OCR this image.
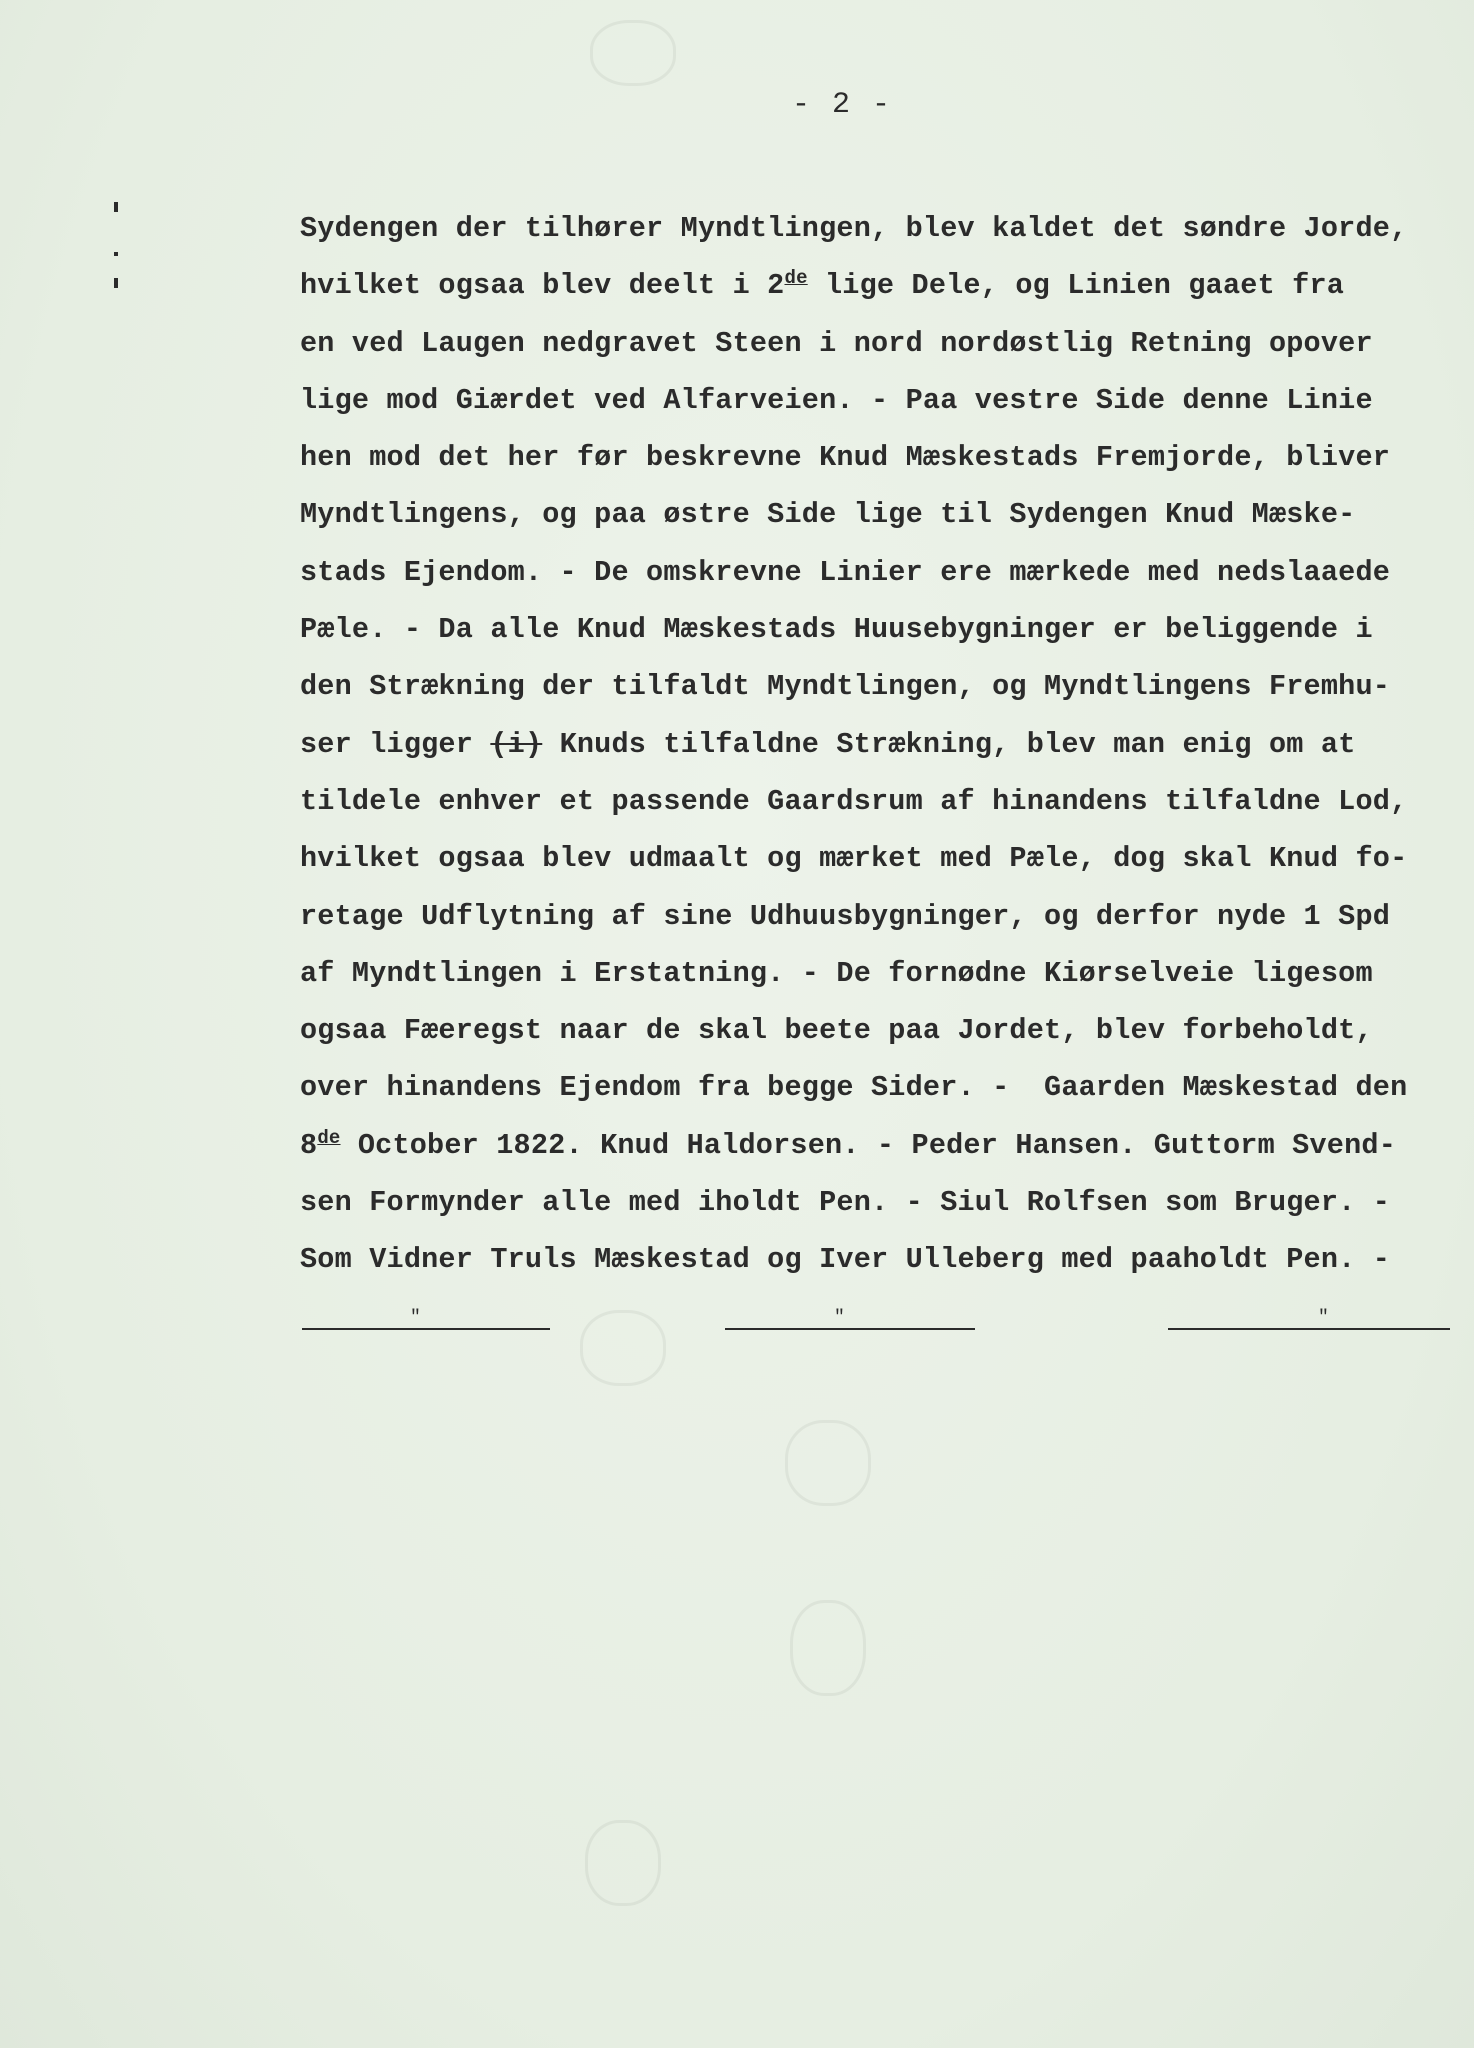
- 2 -
Sydengen der tilhører Myndtlingen, blev kaldet det søndre Jorde,
hvilket ogsaa blev deelt i 2de lige Dele, og Linien gaaet fra
en ved Laugen nedgravet Steen i nord nordøstlig Retning opover
lige mod Giærdet ved Alfarveien. - Paa vestre Side denne Linie
hen mod det her før beskrevne Knud Mæskestads Fremjorde, bliver
Myndtlingens, og paa østre Side lige til Sydengen Knud Mæske-
stads Ejendom. - De omskrevne Linier ere mærkede med nedslaaede
Pæle. - Da alle Knud Mæskestads Huusebygninger er beliggende i
den Strækning der tilfaldt Myndtlingen, og Myndtlingens Fremhu-
ser ligger (i) Knuds tilfaldne Strækning, blev man enig om at
tildele enhver et passende Gaardsrum af hinandens tilfaldne Lod,
hvilket ogsaa blev udmaalt og mærket med Pæle, dog skal Knud fo-
retage Udflytning af sine Udhuusbygninger, og derfor nyde 1 Spd
af Myndtlingen i Erstatning. - De fornødne Kiørselveie ligesom
ogsaa Fæeregst naar de skal beete paa Jordet, blev forbeholdt,
over hinandens Ejendom fra begge Sider. -  Gaarden Mæskestad den
8de October 1822. Knud Haldorsen. - Peder Hansen. Guttorm Svend-
sen Formynder alle med iholdt Pen. - Siul Rolfsen som Bruger. -
Som Vidner Truls Mæskestad og Iver Ulleberg med paaholdt Pen. -
"	"	"
